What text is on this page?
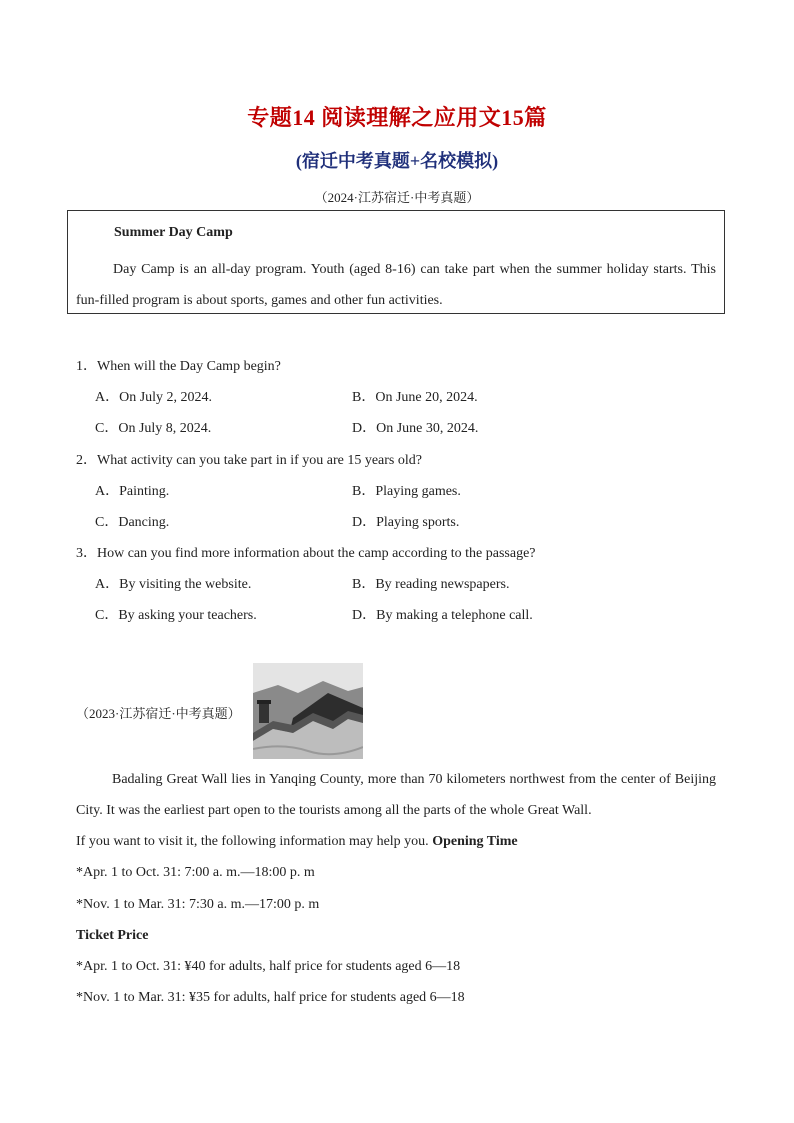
专题14 阅读理解之应用文15篇
(宿迁中考真题+名校模拟)
（2024·江苏宿迁·中考真题）
Summer Day Camp
Day Camp is an all-day program. Youth (aged 8-16) can take part when the summer holiday starts. This fun-filled program is about sports, games and other fun activities.
1．When will the Day Camp begin?
A．On July 2, 2024.	B．On June 20, 2024.
C．On July 8, 2024.	D．On June 30, 2024.
2．What activity can you take part in if you are 15 years old?
A．Painting.	B．Playing games.
C．Dancing.	D．Playing sports.
3．How can you find more information about the camp according to the passage?
A．By visiting the website.	B．By reading newspapers.
C．By asking your teachers.	D．By making a telephone call.
（2023·江苏宿迁·中考真题）
Badaling Great Wall lies in Yanqing County, more than 70 kilometers northwest from the center of Beijing City. It was the earliest part open to the tourists among all the parts of the whole Great Wall.
If you want to visit it, the following information may help you. Opening Time
*Apr. 1 to Oct. 31: 7:00 a. m.—18:00 p. m
*Nov. 1 to Mar. 31: 7:30 a. m.—17:00 p. m
Ticket Price
*Apr. 1 to Oct. 31: ¥40 for adults, half price for students aged 6—18
*Nov. 1 to Mar. 31: ¥35 for adults, half price for students aged 6—18
